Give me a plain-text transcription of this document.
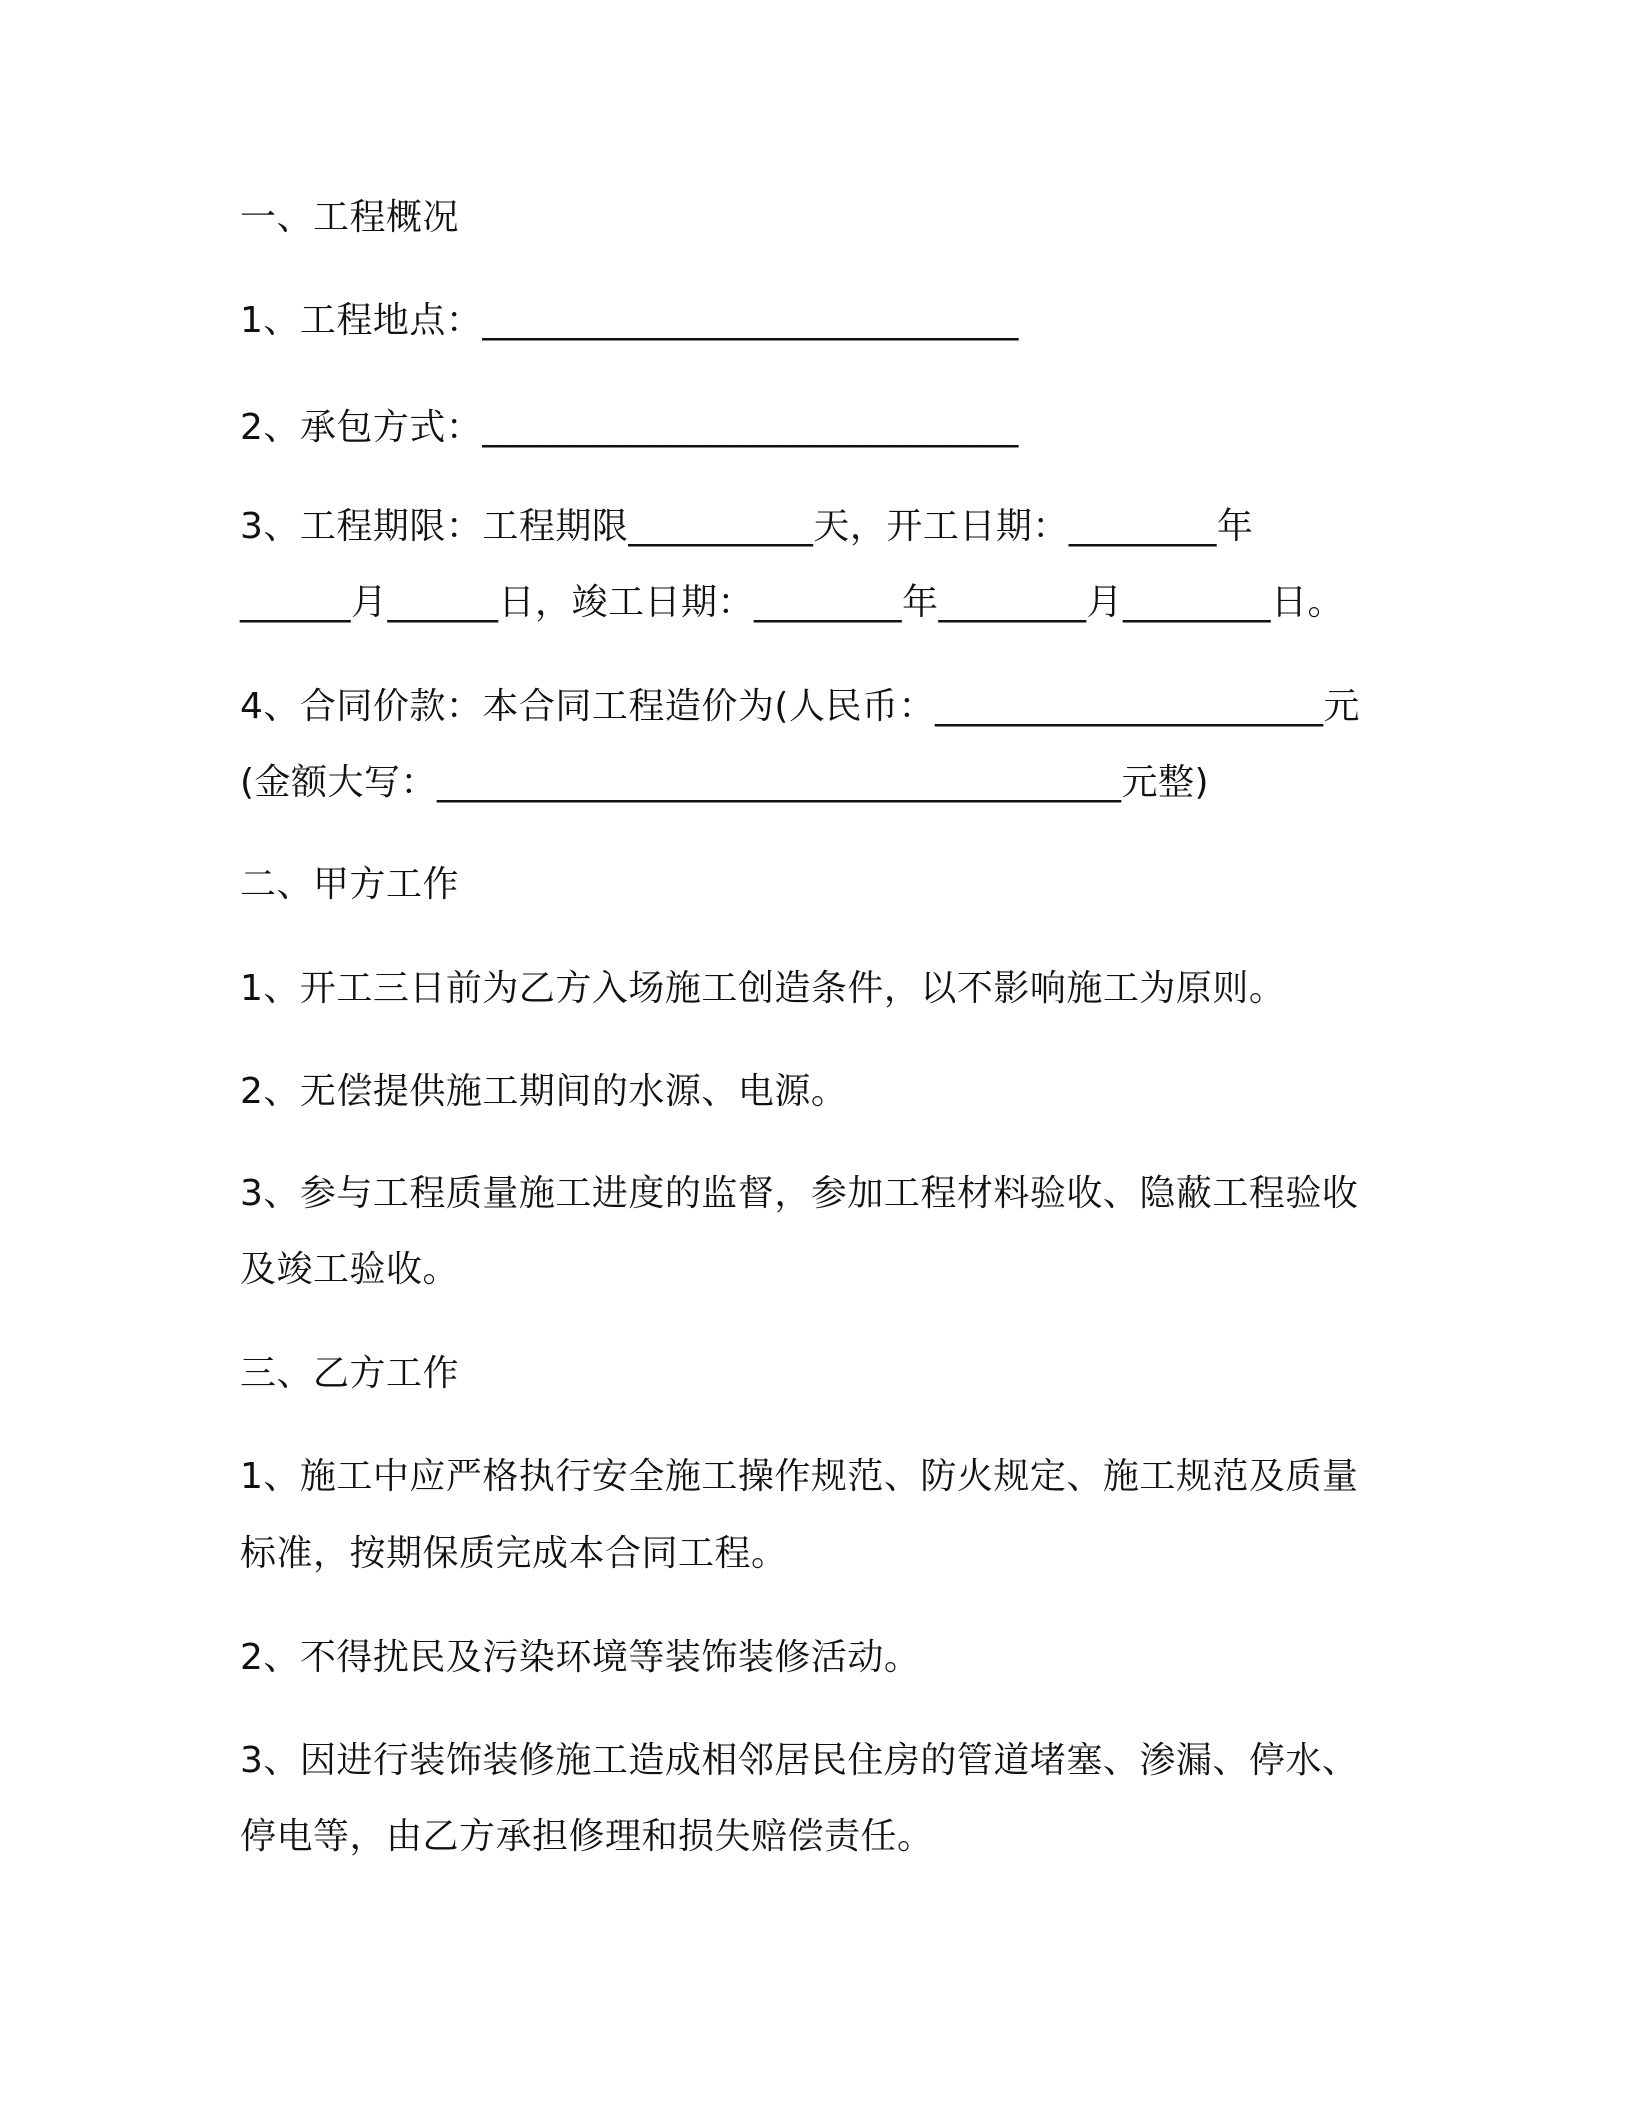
一、工程概况
1、工程地点：_____________________________
2、承包方式：_____________________________
3、工程期限：工程期限__________天，开工日期：________年
______月______日，竣工日期：________年________月________日。
4、合同价款：本合同工程造价为(人民币：_____________________元
(金额大写：_____________________________________元整)
二、甲方工作
1、开工三日前为乙方入场施工创造条件，以不影响施工为原则。
2、无偿提供施工期间的水源、电源。
3、参与工程质量施工进度的监督，参加工程材料验收、隐蔽工程验收
及竣工验收。
三、乙方工作
1、施工中应严格执行安全施工操作规范、防火规定、施工规范及质量
标准，按期保质完成本合同工程。
2、不得扰民及污染环境等装饰装修活动。
3、因进行装饰装修施工造成相邻居民住房的管道堵塞、渗漏、停水、
停电等，由乙方承担修理和损失赔偿责任。
